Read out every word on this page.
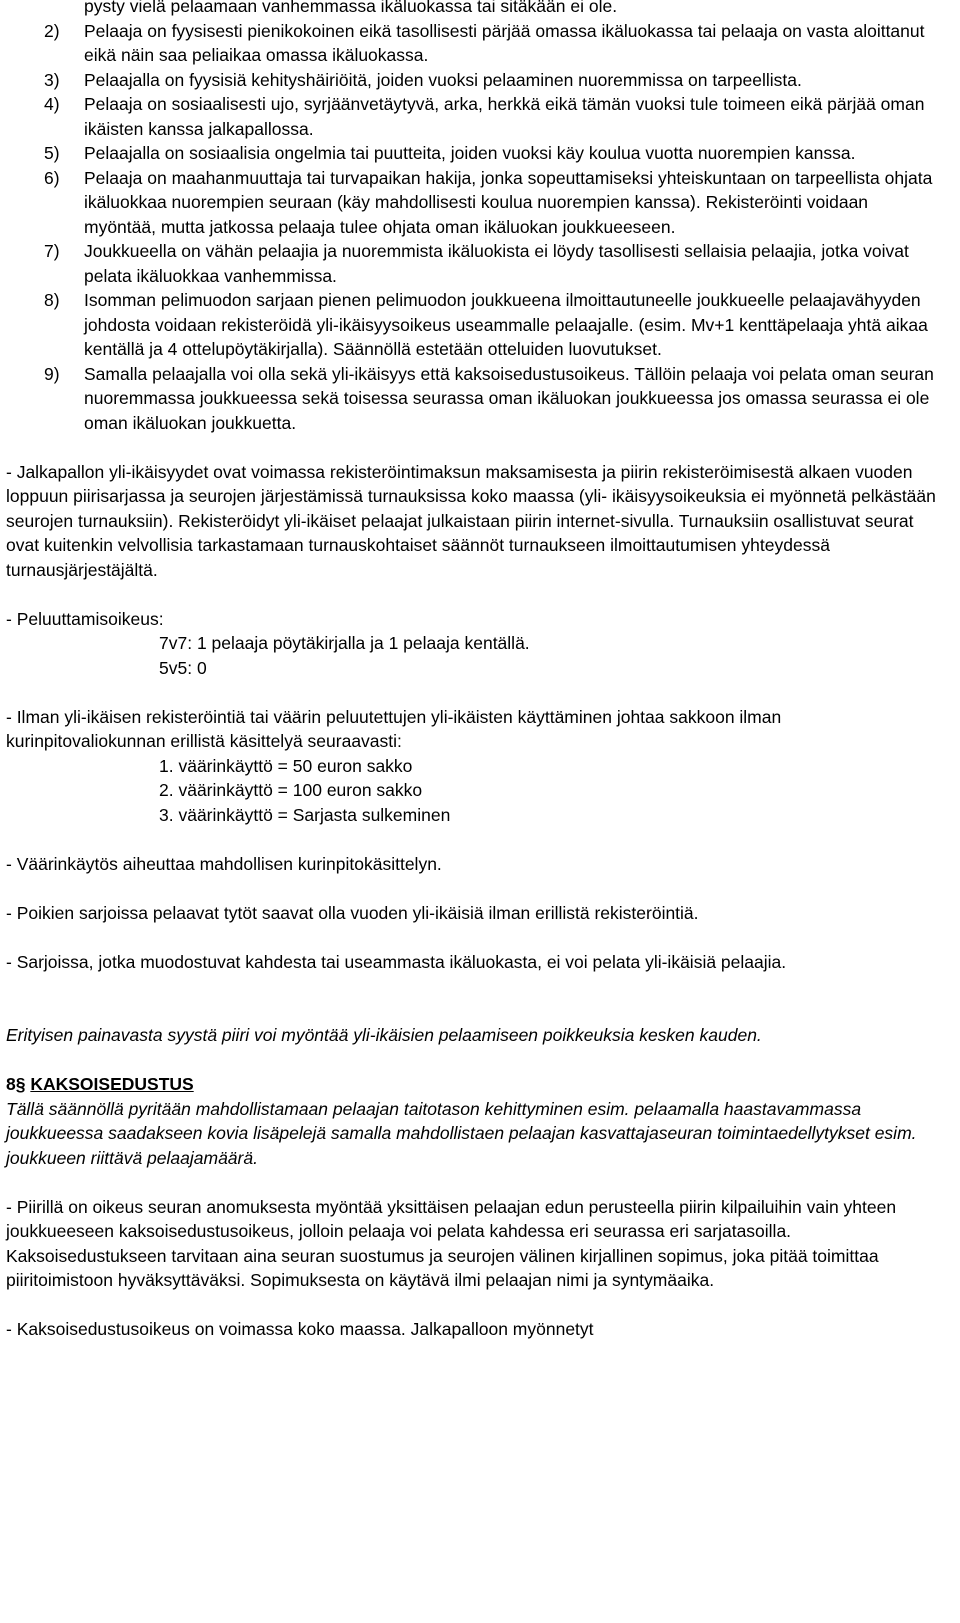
pysty vielä pelaamaan vanhemmassa ikäluokassa tai sitäkään ei ole.

2)	Pelaaja on fyysisesti pienikokoinen eikä tasollisesti pärjää omassa ikäluokassa tai pelaaja on vasta aloittanut eikä näin saa peliaikaa omassa ikäluokassa.
3)	Pelaajalla on fyysisiä kehityshäiriöitä, joiden vuoksi pelaaminen nuoremmissa on tarpeellista.
4)	Pelaaja on sosiaalisesti ujo, syrjäänvetäytyvä, arka, herkkä eikä tämän vuoksi tule toimeen eikä pärjää oman ikäisten kanssa jalkapallossa.
5)	Pelaajalla on sosiaalisia ongelmia tai puutteita, joiden vuoksi käy koulua vuotta nuorempien kanssa.
6)	Pelaaja on maahanmuuttaja tai turvapaikan hakija, jonka sopeuttamiseksi yhteiskuntaan on tarpeellista ohjata ikäluokkaa nuorempien seuraan (käy mahdollisesti koulua nuorempien kanssa). Rekisteröinti voidaan myöntää, mutta jatkossa pelaaja tulee ohjata oman ikäluokan joukkueeseen.
7)	Joukkueella on vähän pelaajia ja nuoremmista ikäluokista ei löydy tasollisesti sellaisia pelaajia, jotka voivat pelata ikäluokkaa vanhemmissa.
8)	Isomman pelimuodon sarjaan pienen pelimuodon joukkueena ilmoittautuneelle joukkueelle pelaajavähyyden johdosta voidaan rekisteröidä yli-ikäisyysoikeus useammalle pelaajalle. (esim. Mv+1 kenttäpelaaja yhtä aikaa kentällä ja 4 ottelupöytäkirjalla). Säännöllä estetään otteluiden luovutukset.
9)	Samalla pelaajalla voi olla sekä yli-ikäisyys että kaksoisedustusoikeus. Tällöin pelaaja voi pelata oman seuran nuoremmassa joukkueessa sekä toisessa seurassa oman ikäluokan joukkueessa jos omassa seurassa ei ole oman ikäluokan joukkuetta.

- Jalkapallon yli-ikäisyydet ovat voimassa rekisteröintimaksun maksamisesta ja piirin rekisteröimisestä alkaen vuoden loppuun piirisarjassa ja seurojen järjestämissä turnauksissa koko maassa (yli- ikäisyysoikeuksia ei myönnetä pelkästään seurojen turnauksiin). Rekisteröidyt yli-ikäiset pelaajat julkaistaan piirin internet-sivulla. Turnauksiin osallistuvat seurat ovat kuitenkin velvollisia tarkastamaan turnauskohtaiset säännöt turnaukseen ilmoittautumisen yhteydessä turnausjärjestäjältä.

- Peluuttamisoikeus:

7v7: 1 pelaaja pöytäkirjalla ja 1 pelaaja kentällä.

5v5: 0

- Ilman yli-ikäisen rekisteröintiä tai väärin peluutettujen yli-ikäisten käyttäminen johtaa sakkoon ilman kurinpitovaliokunnan erillistä käsittelyä seuraavasti:

1. väärinkäyttö = 50 euron sakko

2. väärinkäyttö = 100 euron sakko

3. väärinkäyttö = Sarjasta sulkeminen

- Väärinkäytös aiheuttaa mahdollisen kurinpitokäsittelyn.

- Poikien sarjoissa pelaavat tytöt saavat olla vuoden yli-ikäisiä ilman erillistä rekisteröintiä.

- Sarjoissa, jotka muodostuvat kahdesta tai useammasta ikäluokasta, ei voi pelata yli-ikäisiä pelaajia.

Erityisen painavasta syystä piiri voi myöntää yli-ikäisien pelaamiseen poikkeuksia kesken kauden.

8§ KAKSOISEDUSTUS

Tällä säännöllä pyritään mahdollistamaan pelaajan taitotason kehittyminen esim. pelaamalla haastavammassa joukkueessa saadakseen kovia lisäpelejä samalla mahdollistaen pelaajan kasvattajaseuran toimintaedellytykset esim. joukkueen riittävä pelaajamäärä.

- Piirillä on oikeus seuran anomuksesta myöntää yksittäisen pelaajan edun perusteella piirin kilpailuihin vain yhteen joukkueeseen kaksoisedustusoikeus, jolloin pelaaja voi pelata kahdessa eri seurassa eri sarjatasoilla. Kaksoisedustukseen tarvitaan aina seuran suostumus ja seurojen välinen kirjallinen sopimus, joka pitää toimittaa piiritoimistoon hyväksyttäväksi. Sopimuksesta on käytävä ilmi pelaajan nimi ja syntymäaika.

- Kaksoisedustusoikeus on voimassa koko maassa. Jalkapalloon myönnetyt
